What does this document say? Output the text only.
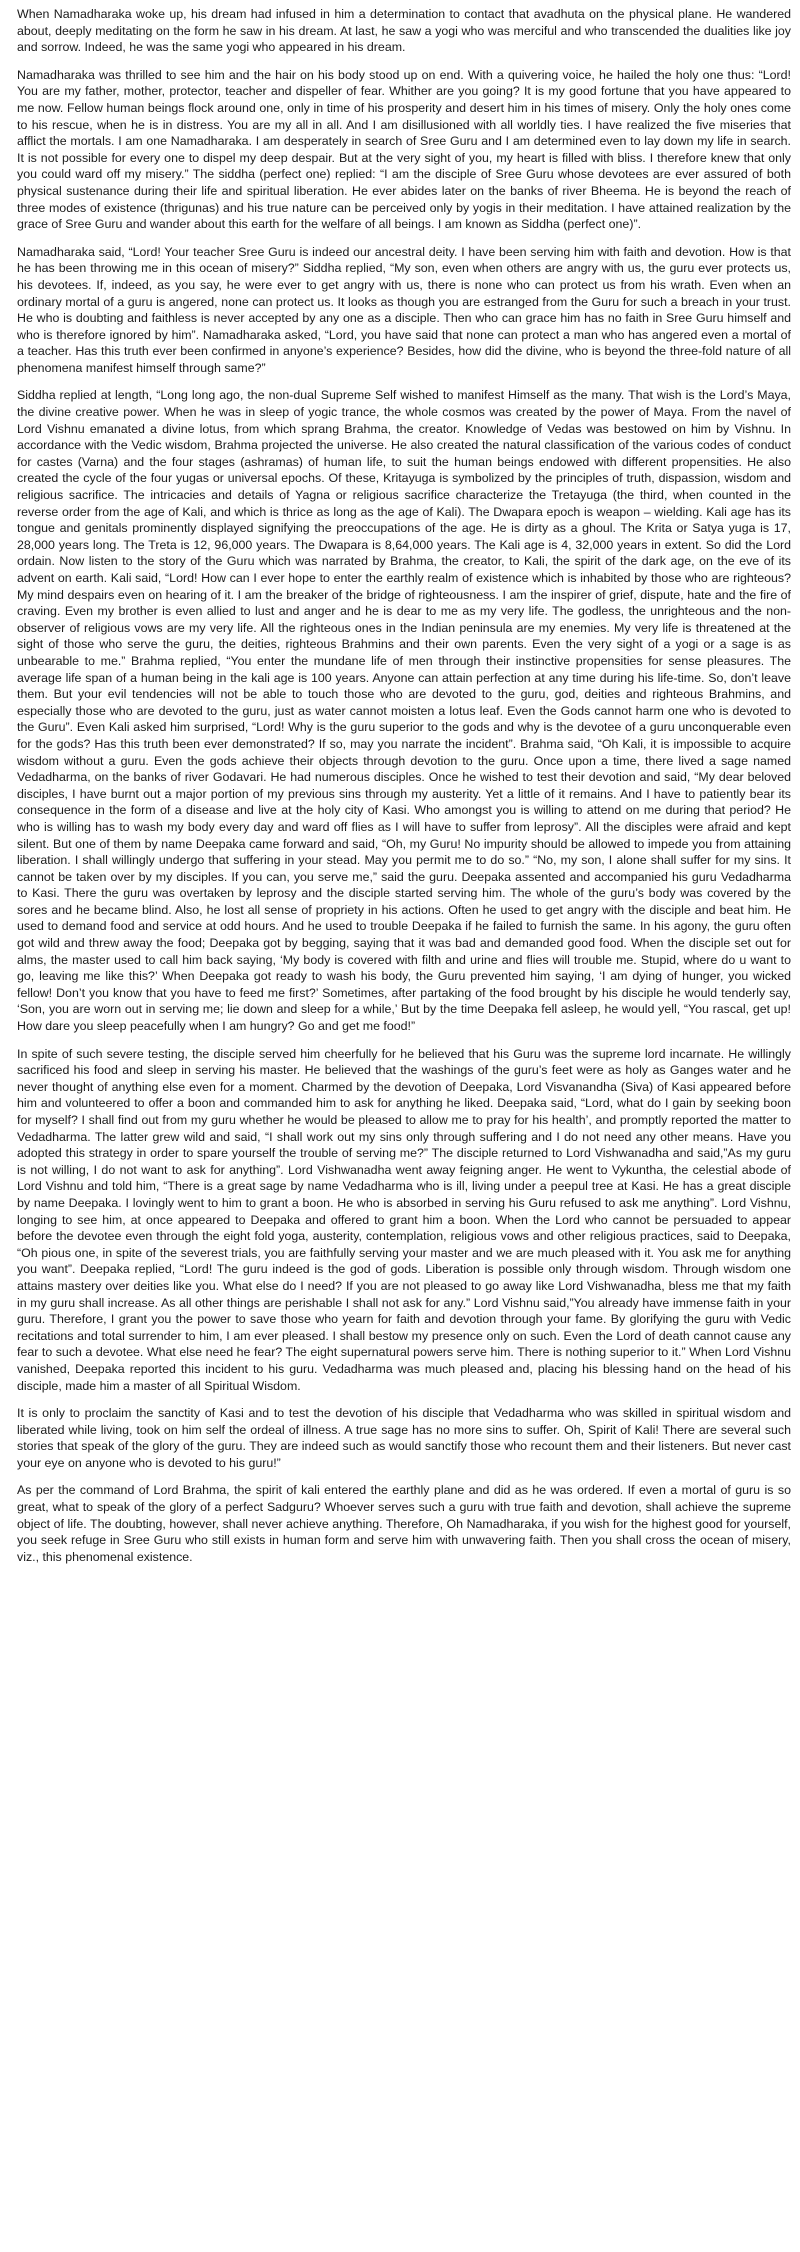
When Namadharaka woke up, his dream had infused in him a determination to contact that avadhuta on the physical plane. He wandered about, deeply meditating on the form he saw in his dream. At last, he saw a yogi who was merciful and who transcended the dualities like joy and sorrow. Indeed, he was the same yogi who appeared in his dream.

Namadharaka was thrilled to see him and the hair on his body stood up on end. With a quivering voice, he hailed the holy one thus: “Lord! You are my father, mother, protector, teacher and dispeller of fear. Whither are you going? It is my good fortune that you have appeared to me now. Fellow human beings flock around one, only in time of his prosperity and desert him in his times of misery. Only the holy ones come to his rescue, when he is in distress. You are my all in all. And I am disillusioned with all worldly ties. I have realized the five miseries that afflict the mortals. I am one Namadharaka. I am desperately in search of Sree Guru and I am determined even to lay down my life in search. It is not possible for every one to dispel my deep despair. But at the very sight of you, my heart is filled with bliss. I therefore knew that only you could ward off my misery.” The siddha (perfect one) replied: “I am the disciple of Sree Guru whose devotees are ever assured of both physical sustenance during their life and spiritual liberation. He ever abides later on the banks of river Bheema. He is beyond the reach of three modes of existence (thrigunas) and his true nature can be perceived only by yogis in their meditation. I have attained realization by the grace of Sree Guru and wander about this earth for the welfare of all beings. I am known as Siddha (perfect one)”.

Namadharaka said, “Lord! Your teacher Sree Guru is indeed our ancestral deity. I have been serving him with faith and devotion. How is that he has been throwing me in this ocean of misery?” Siddha replied, “My son, even when others are angry with us, the guru ever protects us, his devotees. If, indeed, as you say, he were ever to get angry with us, there is none who can protect us from his wrath. Even when an ordinary mortal of a guru is angered, none can protect us. It looks as though you are estranged from the Guru for such a breach in your trust. He who is doubting and faithless is never accepted by any one as a disciple. Then who can grace him has no faith in Sree Guru himself and who is therefore ignored by him”. Namadharaka asked, “Lord, you have said that none can protect a man who has angered even a mortal of a teacher. Has this truth ever been confirmed in anyone’s experience? Besides, how did the divine, who is beyond the three-fold nature of all phenomena manifest himself through same?”

Siddha replied at length, “Long long ago, the non-dual Supreme Self wished to manifest Himself as the many. That wish is the Lord’s Maya, the divine creative power. When he was in sleep of yogic trance, the whole cosmos was created by the power of Maya. From the navel of Lord Vishnu emanated a divine lotus, from which sprang Brahma, the creator. Knowledge of Vedas was bestowed on him by Vishnu. In accordance with the Vedic wisdom, Brahma projected the universe. He also created the natural classification of the various codes of conduct for castes (Varna) and the four stages (ashramas) of human life, to suit the human beings endowed with different propensities. He also created the cycle of the four yugas or universal epochs. Of these, Kritayuga is symbolized by the principles of truth, dispassion, wisdom and religious sacrifice. The intricacies and details of Yagna or religious sacrifice characterize the Tretayuga (the third, when counted in the reverse order from the age of Kali, and which is thrice as long as the age of Kali). The Dwapara epoch is weapon – wielding. Kali age has its tongue and genitals prominently displayed signifying the preoccupations of the age. He is dirty as a ghoul. The Krita or Satya yuga is 17, 28,000 years long. The Treta is 12, 96,000 years. The Dwapara is 8,64,000 years. The Kali age is 4, 32,000 years in extent. So did the Lord ordain. Now listen to the story of the Guru which was narrated by Brahma, the creator, to Kali, the spirit of the dark age, on the eve of its advent on earth. Kali said, “Lord! How can I ever hope to enter the earthly realm of existence which is inhabited by those who are righteous? My mind despairs even on hearing of it. I am the breaker of the bridge of righteousness. I am the inspirer of grief, dispute, hate and the fire of craving. Even my brother is even allied to lust and anger and he is dear to me as my very life. The godless, the unrighteous and the non-observer of religious vows are my very life. All the righteous ones in the Indian peninsula are my enemies. My very life is threatened at the sight of those who serve the guru, the deities, righteous Brahmins and their own parents. Even the very sight of a yogi or a sage is as unbearable to me.” Brahma replied, “You enter the mundane life of men through their instinctive propensities for sense pleasures. The average life span of a human being in the kali age is 100 years. Anyone can attain perfection at any time during his life-time. So, don’t leave them. But your evil tendencies will not be able to touch those who are devoted to the guru, god, deities and righteous Brahmins, and especially those who are devoted to the guru, just as water cannot moisten a lotus leaf. Even the Gods cannot harm one who is devoted to the Guru”. Even Kali asked him surprised, “Lord! Why is the guru superior to the gods and why is the devotee of a guru unconquerable even for the gods? Has this truth been ever demonstrated? If so, may you narrate the incident”. Brahma said, “Oh Kali, it is impossible to acquire wisdom without a guru. Even the gods achieve their objects through devotion to the guru. Once upon a time, there lived a sage named Vedadharma, on the banks of river Godavari. He had numerous disciples. Once he wished to test their devotion and said, “My dear beloved disciples, I have burnt out a major portion of my previous sins through my austerity. Yet a little of it remains. And I have to patiently bear its consequence in the form of a disease and live at the holy city of Kasi. Who amongst you is willing to attend on me during that period? He who is willing has to wash my body every day and ward off flies as I will have to suffer from leprosy”. All the disciples were afraid and kept silent. But one of them by name Deepaka came forward and said, “Oh, my Guru! No impurity should be allowed to impede you from attaining liberation. I shall willingly undergo that suffering in your stead. May you permit me to do so.” “No, my son, I alone shall suffer for my sins. It cannot be taken over by my disciples. If you can, you serve me,” said the guru. Deepaka assented and accompanied his guru Vedadharma to Kasi. There the guru was overtaken by leprosy and the disciple started serving him. The whole of the guru’s body was covered by the sores and he became blind. Also, he lost all sense of propriety in his actions. Often he used to get angry with the disciple and beat him. He used to demand food and service at odd hours. And he used to trouble Deepaka if he failed to furnish the same. In his agony, the guru often got wild and threw away the food; Deepaka got by begging, saying that it was bad and demanded good food. When the disciple set out for alms, the master used to call him back saying, ‘My body is covered with filth and urine and flies will trouble me. Stupid, where do u want to go, leaving me like this?’ When Deepaka got ready to wash his body, the Guru prevented him saying, ‘I am dying of hunger, you wicked fellow! Don’t you know that you have to feed me first?’ Sometimes, after partaking of the food brought by his disciple he would tenderly say, ‘Son, you are worn out in serving me; lie down and sleep for a while,’ But by the time Deepaka fell asleep, he would yell, “You rascal, get up! How dare you sleep peacefully when I am hungry? Go and get me food!”

In spite of such severe testing, the disciple served him cheerfully for he believed that his Guru was the supreme lord incarnate. He willingly sacrificed his food and sleep in serving his master. He believed that the washings of the guru’s feet were as holy as Ganges water and he never thought of anything else even for a moment. Charmed by the devotion of Deepaka, Lord Visvanandha (Siva) of Kasi appeared before him and volunteered to offer a boon and commanded him to ask for anything he liked. Deepaka said, “Lord, what do I gain by seeking boon for myself? I shall find out from my guru whether he would be pleased to allow me to pray for his health’, and promptly reported the matter to Vedadharma. The latter grew wild and said, “I shall work out my sins only through suffering and I do not need any other means. Have you adopted this strategy in order to spare yourself the trouble of serving me?” The disciple returned to Lord Vishwanadha and said,”As my guru is not willing, I do not want to ask for anything”. Lord Vishwanadha went away feigning anger. He went to Vykuntha, the celestial abode of Lord Vishnu and told him, “There is a great sage by name Vedadharma who is ill, living under a peepul tree at Kasi. He has a great disciple by name Deepaka. I lovingly went to him to grant a boon. He who is absorbed in serving his Guru refused to ask me anything”. Lord Vishnu, longing to see him, at once appeared to Deepaka and offered to grant him a boon. When the Lord who cannot be persuaded to appear before the devotee even through the eight fold yoga, austerity, contemplation, religious vows and other religious practices, said to Deepaka, “Oh pious one, in spite of the severest trials, you are faithfully serving your master and we are much pleased with it. You ask me for anything you want”. Deepaka replied, “Lord! The guru indeed is the god of gods. Liberation is possible only through wisdom. Through wisdom one attains mastery over deities like you. What else do I need? If you are not pleased to go away like Lord Vishwanadha, bless me that my faith in my guru shall increase. As all other things are perishable I shall not ask for any.” Lord Vishnu said,”You already have immense faith in your guru. Therefore, I grant you the power to save those who yearn for faith and devotion through your fame. By glorifying the guru with Vedic recitations and total surrender to him, I am ever pleased. I shall bestow my presence only on such. Even the Lord of death cannot cause any fear to such a devotee. What else need he fear? The eight supernatural powers serve him. There is nothing superior to it.” When Lord Vishnu vanished, Deepaka reported this incident to his guru. Vedadharma was much pleased and, placing his blessing hand on the head of his disciple, made him a master of all Spiritual Wisdom.

It is only to proclaim the sanctity of Kasi and to test the devotion of his disciple that Vedadharma who was skilled in spiritual wisdom and liberated while living, took on him self the ordeal of illness. A true sage has no more sins to suffer. Oh, Spirit of Kali! There are several such stories that speak of the glory of the guru. They are indeed such as would sanctify those who recount them and their listeners. But never cast your eye on anyone who is devoted to his guru!”

As per the command of Lord Brahma, the spirit of kali entered the earthly plane and did as he was ordered. If even a mortal of guru is so great, what to speak of the glory of a perfect Sadguru? Whoever serves such a guru with true faith and devotion, shall achieve the supreme object of life. The doubting, however, shall never achieve anything. Therefore, Oh Namadharaka, if you wish for the highest good for yourself, you seek refuge in Sree Guru who still exists in human form and serve him with unwavering faith. Then you shall cross the ocean of misery, viz., this phenomenal existence.
